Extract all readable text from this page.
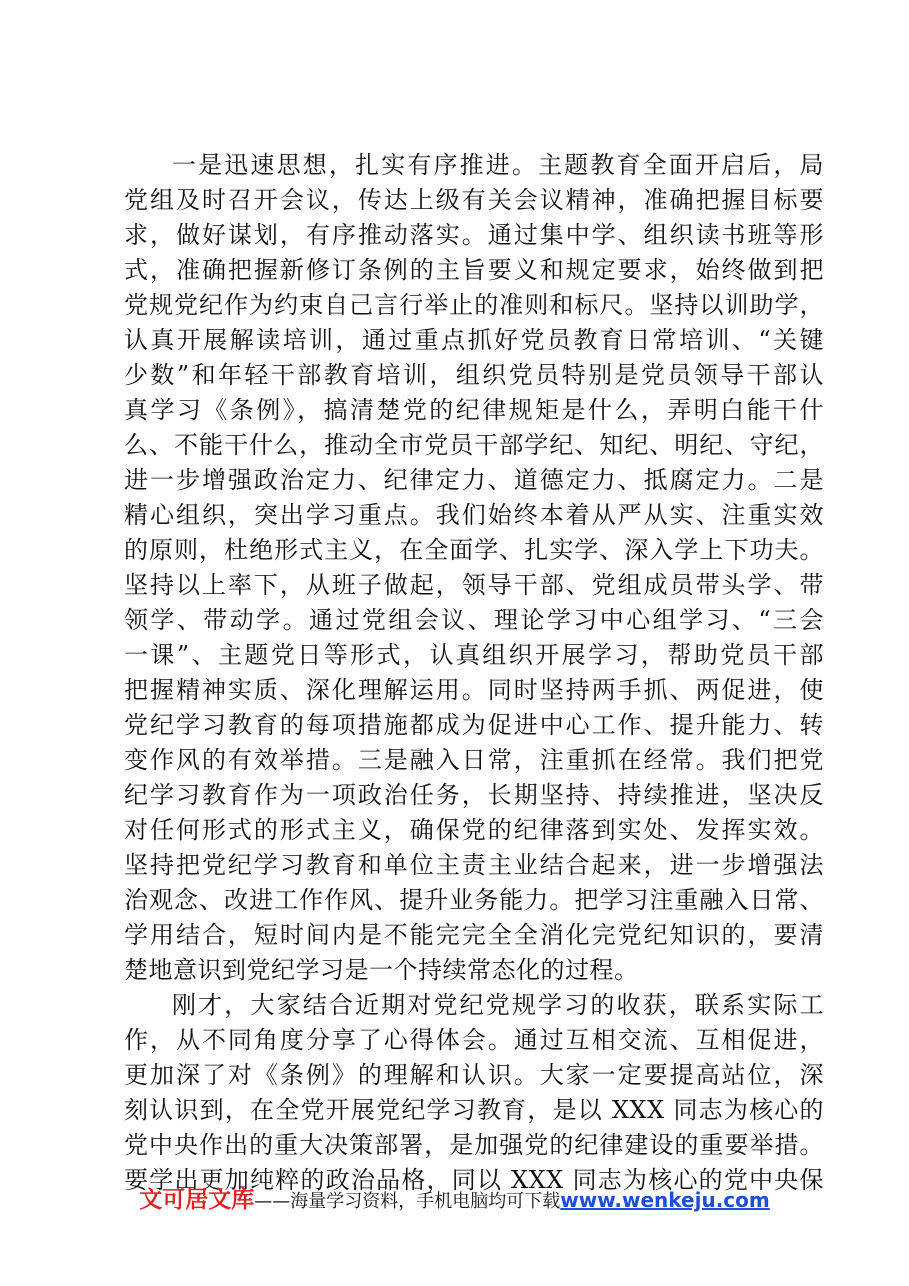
一是迅速思想，扎实有序推进。主题教育全面开启后，局
党组及时召开会议，传达上级有关会议精神，准确把握目标要
求，做好谋划，有序推动落实。通过集中学、组织读书班等形
式，准确把握新修订条例的主旨要义和规定要求，始终做到把
党规党纪作为约束自己言行举止的准则和标尺。坚持以训助学，
认真开展解读培训，通过重点抓好党员教育日常培训、“关键
少数”和年轻干部教育培训，组织党员特别是党员领导干部认
真学习《条例》，搞清楚党的纪律规矩是什么，弄明白能干什
么、不能干什么，推动全市党员干部学纪、知纪、明纪、守纪，
进一步增强政治定力、纪律定力、道德定力、抵腐定力。二是
精心组织，突出学习重点。我们始终本着从严从实、注重实效
的原则，杜绝形式主义，在全面学、扎实学、深入学上下功夫。
坚持以上率下，从班子做起，领导干部、党组成员带头学、带
领学、带动学。通过党组会议、理论学习中心组学习、“三会
一课”、主题党日等形式，认真组织开展学习，帮助党员干部
把握精神实质、深化理解运用。同时坚持两手抓、两促进，使
党纪学习教育的每项措施都成为促进中心工作、提升能力、转
变作风的有效举措。三是融入日常，注重抓在经常。我们把党
纪学习教育作为一项政治任务，长期坚持、持续推进，坚决反
对任何形式的形式主义，确保党的纪律落到实处、发挥实效。
坚持把党纪学习教育和单位主责主业结合起来，进一步增强法
治观念、改进工作作风、提升业务能力。把学习注重融入日常、
学用结合，短时间内是不能完完全全消化完党纪知识的，要清
楚地意识到党纪学习是一个持续常态化的过程。
刚才，大家结合近期对党纪党规学习的收获，联系实际工
作，从不同角度分享了心得体会。通过互相交流、互相促进，
更加深了对《条例》的理解和认识。大家一定要提高站位，深
刻认识到，在全党开展党纪学习教育，是以 XXX 同志为核心的
党中央作出的重大决策部署，是加强党的纪律建设的重要举措。
要学出更加纯粹的政治品格，同以 XXX 同志为核心的党中央保
文可居文库——海量学习资料，手机电脑均可下载www.wenkeju.com
